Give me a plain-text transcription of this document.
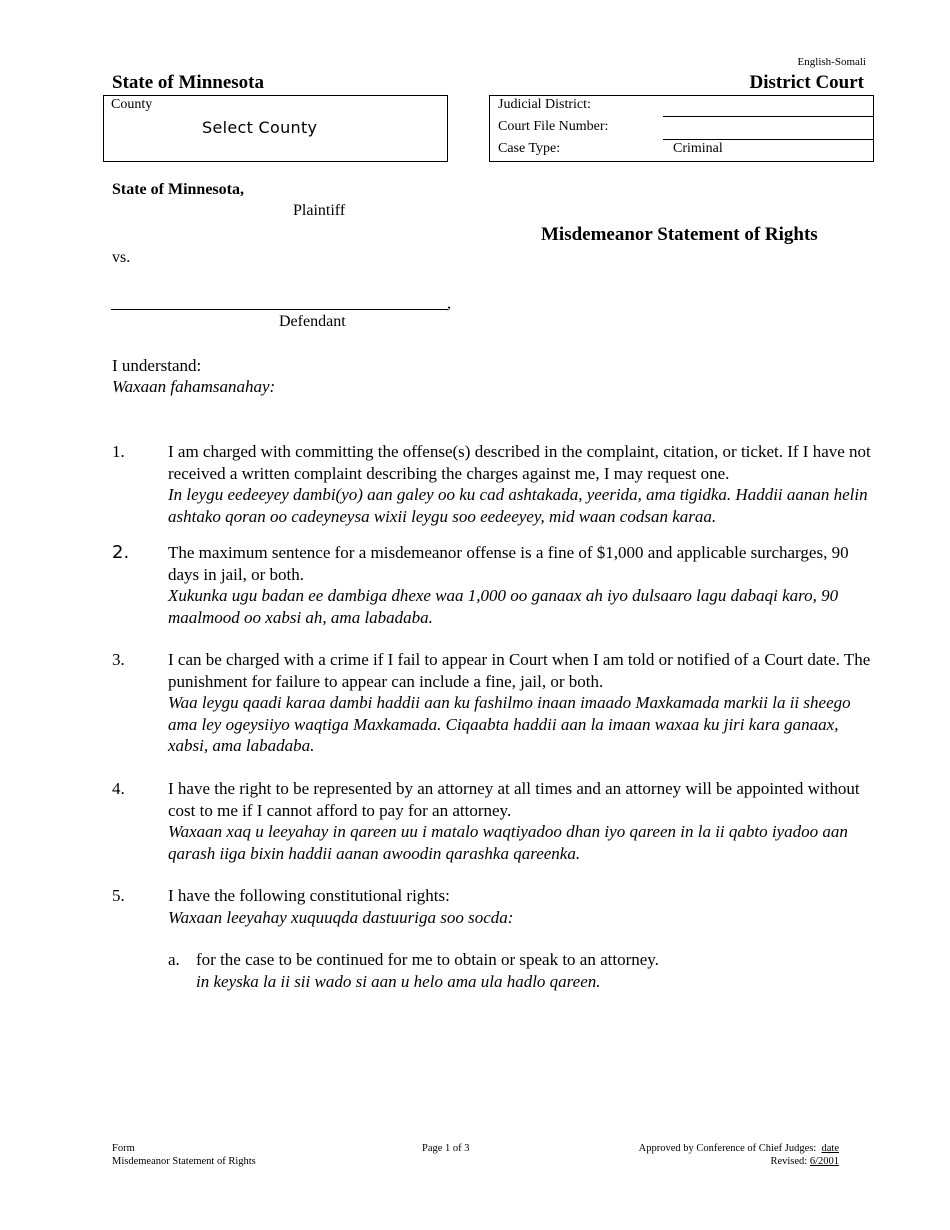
English-Somali
State of Minnesota	District Court
County
Select County
Judicial District:
Court File Number:
Case Type:	Criminal
State of Minnesota,
Plaintiff
Misdemeanor Statement of Rights
vs.
,
Defendant
I understand:
Waxaan fahamsanahay:
1.	I am charged with committing the offense(s) described in the complaint, citation, or ticket. If I have not received a written complaint describing the charges against me, I may request one.
In leygu eedeeyey dambi(yo) aan galey oo ku cad ashtakada, yeerida, ama tigidka. Haddii aanan helin ashtako qoran oo cadeyneysa wixii leygu soo eedeeyey, mid waan codsan karaa.
2. The maximum sentence for a misdemeanor offense is a fine of $1,000 and applicable surcharges, 90 days in jail, or both.
Xukunka ugu badan ee dambiga dhexe waa 1,000 oo ganaax ah iyo dulsaaro lagu dabaqi karo, 90 maalmood oo xabsi ah, ama labadaba.
3.	I can be charged with a crime if I fail to appear in Court when I am told or notified of a Court date. The punishment for failure to appear can include a fine, jail, or both.
Waa leygu qaadi karaa dambi haddii aan ku fashilmo inaan imaado Maxkamada markii la ii sheego ama ley ogeysiiyo waqtiga Maxkamada. Ciqaabta haddii aan la imaan waxaa ku jiri kara ganaax, xabsi, ama labadaba.
4.	I have the right to be represented by an attorney at all times and an attorney will be appointed without cost to me if I cannot afford to pay for an attorney.
Waxaan xaq u leeyahay in qareen uu i matalo waqtiyadoo dhan iyo qareen in la ii qabto iyadoo aan qarash iiga bixin haddii aanan awoodin qarashka qareenka.
5.	I have the following constitutional rights:
Waxaan leeyahay xuquuqda dastuuriga soo socda:
a. for the case to be continued for me to obtain or speak to an attorney.
in keyska la ii sii wado si aan u helo ama ula hadlo qareen.
Form
Misdemeanor Statement of Rights
Page 1 of 3	Approved by Conference of Chief Judges: date
Revised: 6/2001
